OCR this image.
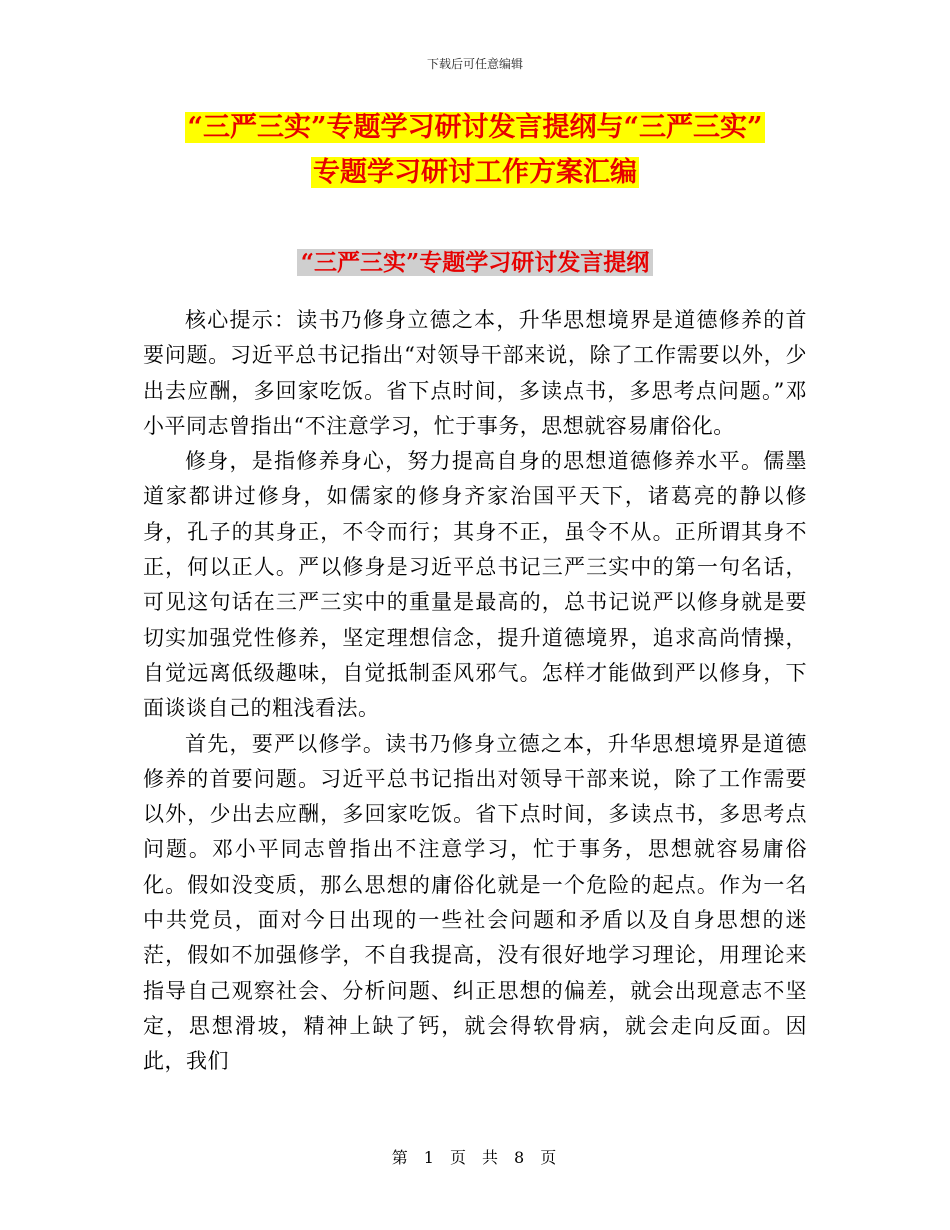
下载后可任意编辑
“三严三实”专题学习研讨发言提纲与“三严三实”
专题学习研讨工作方案汇编
“三严三实”专题学习研讨发言提纲

核心提示：读书乃修身立德之本，升华思想境界是道德修养的首要问题。习近平总书记指出“对领导干部来说，除了工作需要以外，少出去应酬，多回家吃饭。省下点时间，多读点书，多思考点问题。”邓小平同志曾指出“不注意学习，忙于事务，思想就容易庸俗化。

修身，是指修养身心，努力提高自身的思想道德修养水平。儒墨道家都讲过修身，如儒家的修身齐家治国平天下，诸葛亮的静以修身，孔子的其身正，不令而行；其身不正，虽令不从。正所谓其身不正，何以正人。严以修身是习近平总书记三严三实中的第一句名话，可见这句话在三严三实中的重量是最高的，总书记说严以修身就是要切实加强党性修养，坚定理想信念，提升道德境界，追求高尚情操，自觉远离低级趣味，自觉抵制歪风邪气。怎样才能做到严以修身，下面谈谈自己的粗浅看法。

首先，要严以修学。读书乃修身立德之本，升华思想境界是道德修养的首要问题。习近平总书记指出对领导干部来说，除了工作需要以外，少出去应酬，多回家吃饭。省下点时间，多读点书，多思考点问题。邓小平同志曾指出不注意学习，忙于事务，思想就容易庸俗化。假如没变质，那么思想的庸俗化就是一个危险的起点。作为一名中共党员，面对今日出现的一些社会问题和矛盾以及自身思想的迷茫，假如不加强修学，不自我提高，没有很好地学习理论，用理论来指导自己观察社会、分析问题、纠正思想的偏差，就会出现意志不坚定，思想滑坡，精神上缺了钙，就会得软骨病，就会走向反面。因此，我们

第 1 页 共 8 页
